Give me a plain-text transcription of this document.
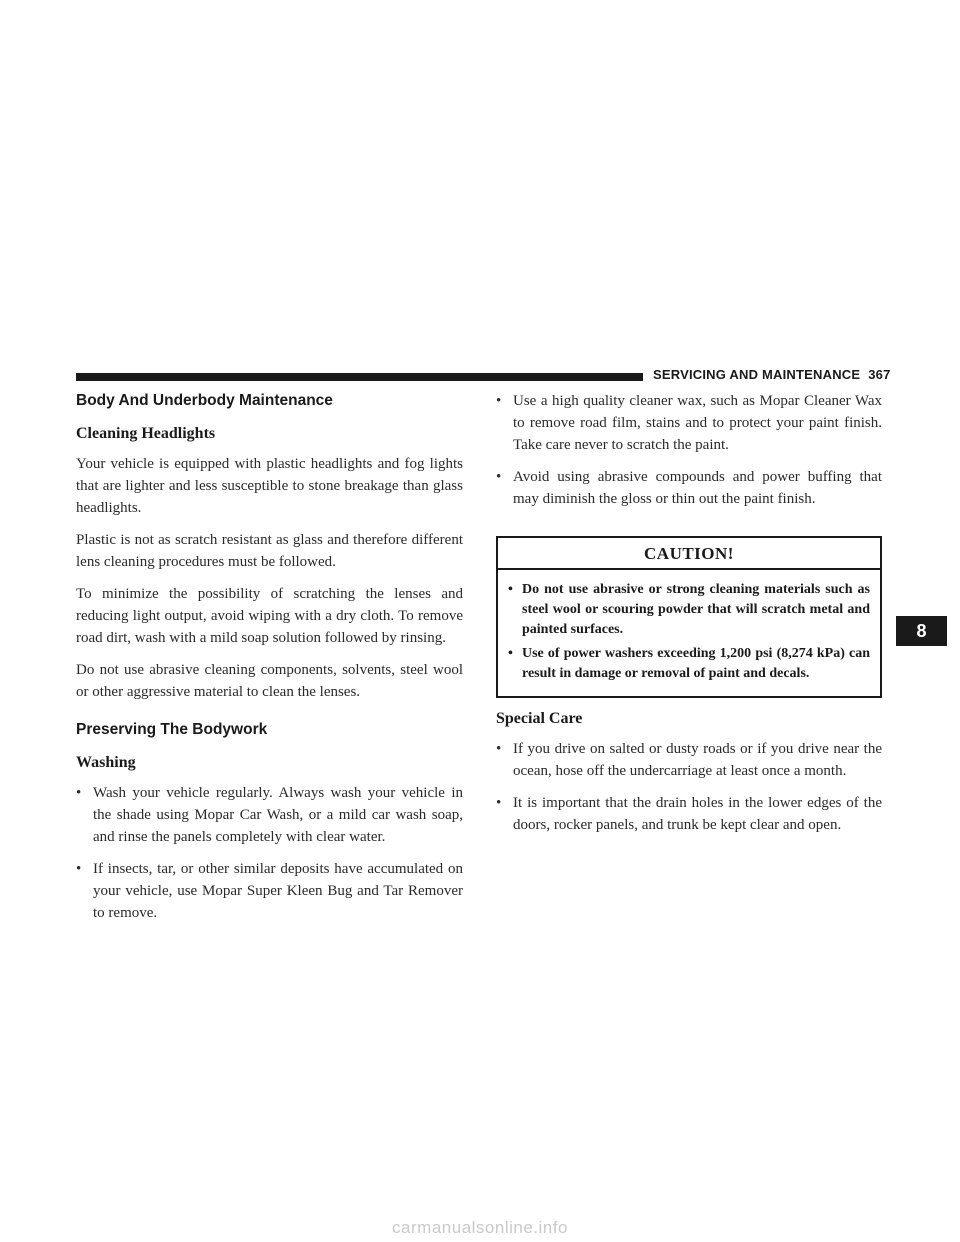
SERVICING AND MAINTENANCE 367
Body And Underbody Maintenance
Cleaning Headlights

Your vehicle is equipped with plastic headlights and fog lights that are lighter and less susceptible to stone breakage than glass headlights.

Plastic is not as scratch resistant as glass and therefore different lens cleaning procedures must be followed.

To minimize the possibility of scratching the lenses and reducing light output, avoid wiping with a dry cloth. To remove road dirt, wash with a mild soap solution followed by rinsing.

Do not use abrasive cleaning components, solvents, steel wool or other aggressive material to clean the lenses.

Preserving The Bodywork
Washing
• Wash your vehicle regularly. Always wash your vehicle in the shade using Mopar Car Wash, or a mild car wash soap, and rinse the panels completely with clear water.
• If insects, tar, or other similar deposits have accumulated on your vehicle, use Mopar Super Kleen Bug and Tar Remover to remove.
• Use a high quality cleaner wax, such as Mopar Cleaner Wax to remove road film, stains and to protect your paint finish. Take care never to scratch the paint.
• Avoid using abrasive compounds and power buffing that may diminish the gloss or thin out the paint finish.
CAUTION!
• Do not use abrasive or strong cleaning materials such as steel wool or scouring powder that will scratch metal and painted surfaces.
• Use of power washers exceeding 1,200 psi (8,274 kPa) can result in damage or removal of paint and decals.
Special Care
• If you drive on salted or dusty roads or if you drive near the ocean, hose off the undercarriage at least once a month.
• It is important that the drain holes in the lower edges of the doors, rocker panels, and trunk be kept clear and open.
8
carmanualsonline.info
